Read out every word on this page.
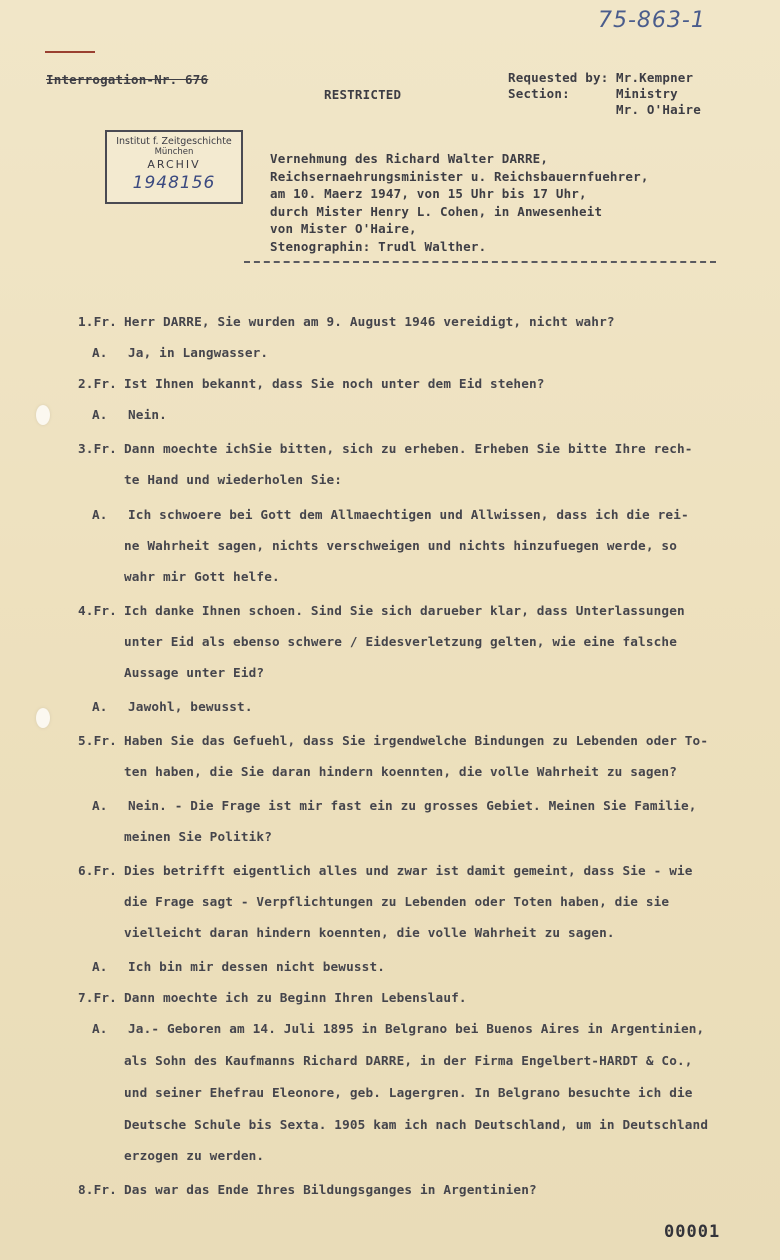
75-863-1
Interrogation-Nr. 676
RESTRICTED
Requested by:
Section:
Mr.Kempner
Ministry
Mr. O'Haire
Institut f. Zeitgeschichte
München
ARCHIV
1948156
Vernehmung des Richard Walter DARRE,
Reichsernaehrungsminister u. Reichsbauernfuehrer,
am 10. Maerz 1947, von 15 Uhr bis 17 Uhr,
durch Mister Henry L. Cohen, in Anwesenheit
von Mister O'Haire,
Stenographin: Trudl Walther.
1.Fr. Herr DARRE, Sie wurden am 9. August 1946 vereidigt, nicht wahr?
A. Ja, in Langwasser.
2.Fr. Ist Ihnen bekannt, dass Sie noch unter dem Eid stehen?
A. Nein.
3.Fr. Dann moechte ichSie bitten, sich zu erheben. Erheben Sie bitte Ihre rech-
te Hand und wiederholen Sie:
A. Ich schwoere bei Gott dem Allmaechtigen und Allwissen, dass ich die rei-
ne Wahrheit sagen, nichts verschweigen und nichts hinzufuegen werde, so
wahr mir Gott helfe.
4.Fr. Ich danke Ihnen schoen. Sind Sie sich darueber klar, dass Unterlassungen
unter Eid als ebenso schwere / Eidesverletzung gelten, wie eine falsche
Aussage unter Eid?
A. Jawohl, bewusst.
5.Fr. Haben Sie das Gefuehl, dass Sie irgendwelche Bindungen zu Lebenden oder To-
ten haben, die Sie daran hindern koennten, die volle Wahrheit zu sagen?
A. Nein. - Die Frage ist mir fast ein zu grosses Gebiet. Meinen Sie Familie,
meinen Sie Politik?
6.Fr. Dies betrifft eigentlich alles und zwar ist damit gemeint, dass Sie - wie
die Frage sagt - Verpflichtungen zu Lebenden oder Toten haben, die sie
vielleicht daran hindern koennten, die volle Wahrheit zu sagen.
A. Ich bin mir dessen nicht bewusst.
7.Fr. Dann moechte ich zu Beginn Ihren Lebenslauf.
A. Ja.- Geboren am 14. Juli 1895 in Belgrano bei Buenos Aires in Argentinien,
als Sohn des Kaufmanns Richard DARRE, in der Firma Engelbert-HARDT & Co.,
und seiner Ehefrau Eleonore, geb. Lagergren. In Belgrano besuchte ich die
Deutsche Schule bis Sexta. 1905 kam ich nach Deutschland, um in Deutschland
erzogen zu werden.
8.Fr. Das war das Ende Ihres Bildungsganges in Argentinien?
00001
